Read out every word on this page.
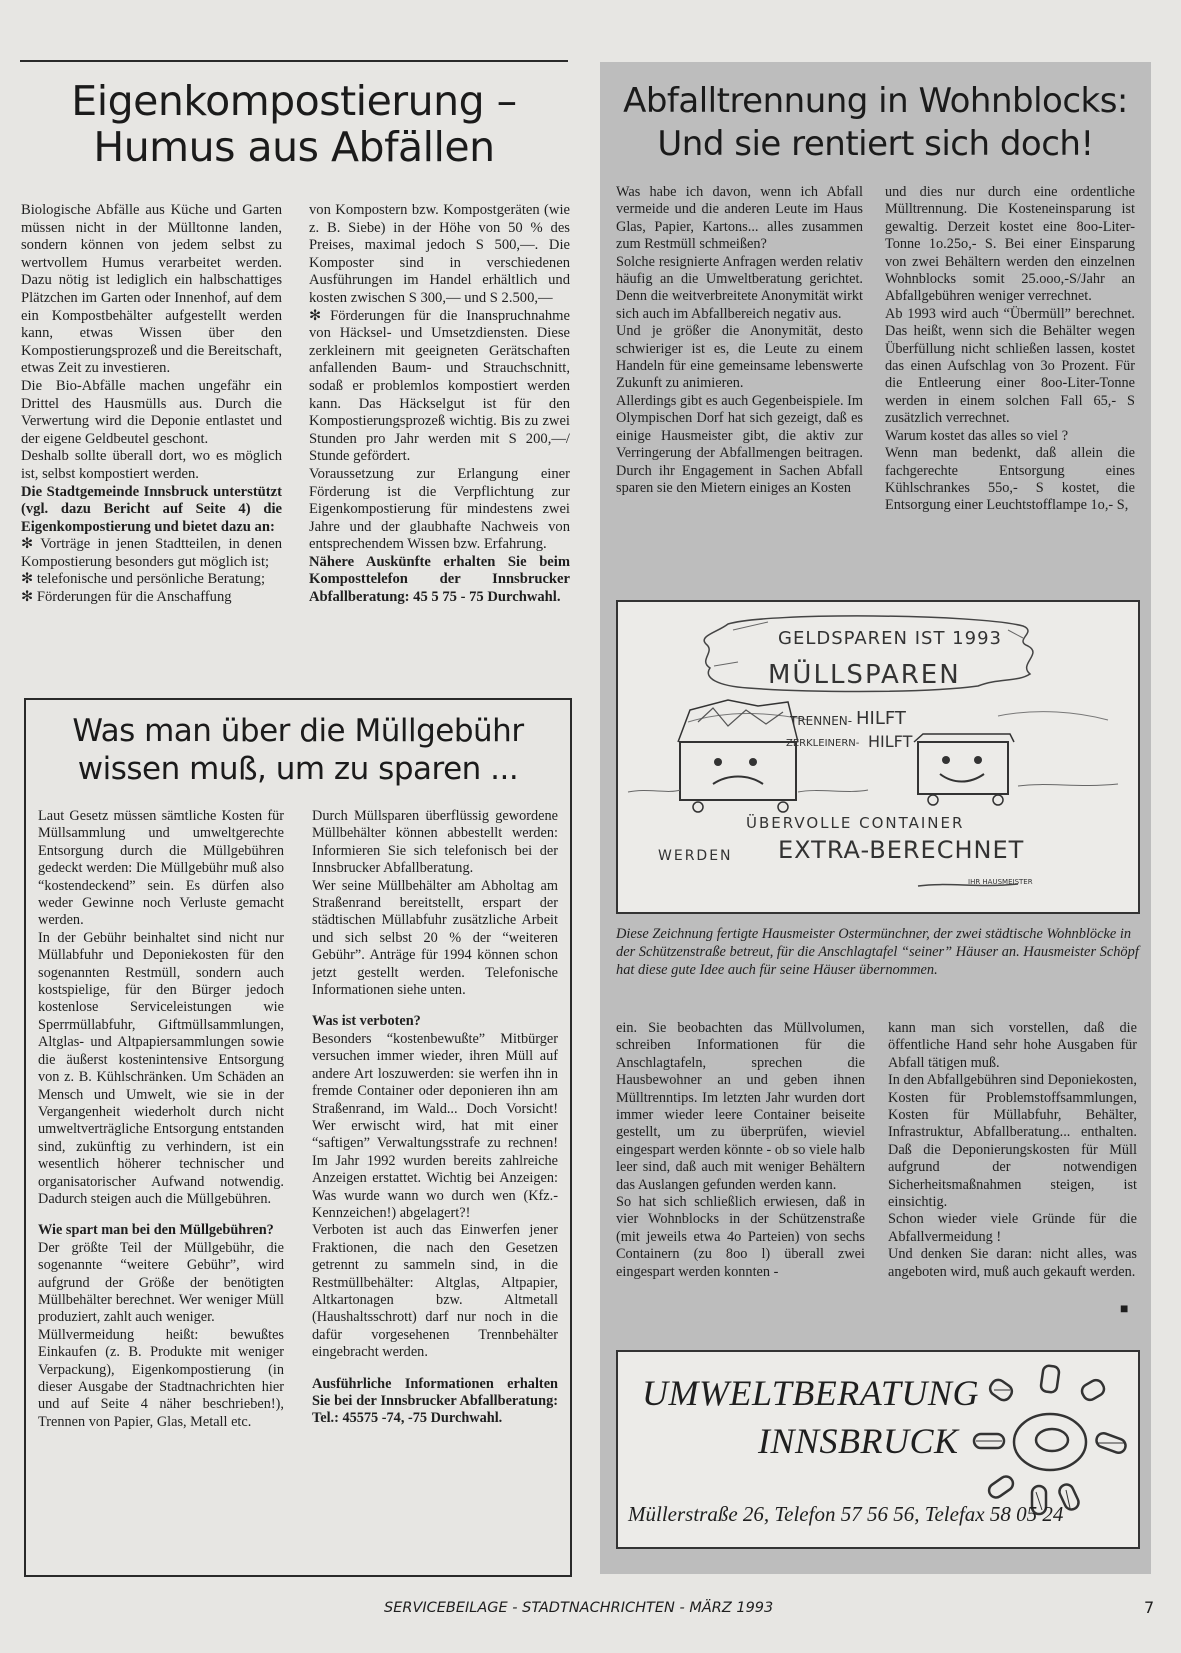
Eigenkompostierung –
Humus aus Abfällen

Biologische Abfälle aus Küche und Garten müssen nicht in der Mülltonne landen, sondern können von jedem selbst zu wertvollem Humus verarbeitet werden. Dazu nötig ist lediglich ein halbschattiges Plätzchen im Garten oder Innenhof, auf dem ein Kompostbehälter aufgestellt werden kann, etwas Wissen über den Kompostierungsprozeß und die Bereitschaft, etwas Zeit zu investieren.

Die Bio-Abfälle machen ungefähr ein Drittel des Hausmülls aus. Durch die Verwertung wird die Deponie entlastet und der eigene Geldbeutel geschont.

Deshalb sollte überall dort, wo es möglich ist, selbst kompostiert werden.

Die Stadtgemeinde Innsbruck unterstützt (vgl. dazu Bericht auf Seite 4) die Eigenkompostierung und bietet dazu an:

✻ Vorträge in jenen Stadtteilen, in denen Kompostierung besonders gut möglich ist;

✻ telefonische und persönliche Beratung;

✻ Förderungen für die Anschaffung

von Kompostern bzw. Kompostgeräten (wie z. B. Siebe) in der Höhe von 50 % des Preises, maximal jedoch S 500,—. Die Komposter sind in verschiedenen Ausführungen im Handel erhältlich und kosten zwischen S 300,— und S 2.500,—

✻ Förderungen für die Inanspruchnahme von Häcksel- und Umsetzdiensten. Diese zerkleinern mit geeigneten Gerätschaften anfallenden Baum- und Strauchschnitt, sodaß er problemlos kompostiert werden kann. Das Häckselgut ist für den Kompostierungsprozeß wichtig. Bis zu zwei Stunden pro Jahr werden mit S 200,—/ Stunde gefördert.

Voraussetzung zur Erlangung einer Förderung ist die Verpflichtung zur Eigenkompostierung für mindestens zwei Jahre und der glaubhafte Nachweis von entsprechendem Wissen bzw. Erfahrung.

Nähere Auskünfte erhalten Sie beim Komposttelefon der Innsbrucker Abfallberatung: 45 5 75 - 75 Durchwahl.

Was man über die Müllgebühr
wissen muß, um zu sparen ...

Laut Gesetz müssen sämtliche Kosten für Müllsammlung und umweltgerechte Entsorgung durch die Müllgebühren gedeckt werden: Die Müllgebühr muß also “kostendeckend” sein. Es dürfen also weder Gewinne noch Verluste gemacht werden.

In der Gebühr beinhaltet sind nicht nur Müllabfuhr und Deponiekosten für den sogenannten Restmüll, sondern auch kostspielige, für den Bürger jedoch kostenlose Serviceleistungen wie Sperrmüllabfuhr, Giftmüllsammlungen, Altglas- und Altpapiersammlungen sowie die äußerst kostenintensive Entsorgung von z. B. Kühlschränken. Um Schäden an Mensch und Umwelt, wie sie in der Vergangenheit wiederholt durch nicht umweltverträgliche Entsorgung entstanden sind, zukünftig zu verhindern, ist ein wesentlich höherer technischer und organisatorischer Aufwand notwendig. Dadurch steigen auch die Müllgebühren.

Wie spart man bei den Müllgebühren?

Der größte Teil der Müllgebühr, die sogenannte “weitere Gebühr”, wird aufgrund der Größe der benötigten Müllbehälter berechnet. Wer weniger Müll produziert, zahlt auch weniger.

Müllvermeidung heißt: bewußtes Einkaufen (z. B. Produkte mit weniger Verpackung), Eigenkompostierung (in dieser Ausgabe der Stadtnachrichten hier und auf Seite 4 näher beschrieben!), Trennen von Papier, Glas, Metall etc.

Durch Müllsparen überflüssig gewordene Müllbehälter können abbestellt werden: Informieren Sie sich telefonisch bei der Innsbrucker Abfallberatung.

Wer seine Müllbehälter am Abholtag am Straßenrand bereitstellt, erspart der städtischen Müllabfuhr zusätzliche Arbeit und sich selbst 20 % der “weiteren Gebühr”. Anträge für 1994 können schon jetzt gestellt werden. Telefonische Informationen siehe unten.

Was ist verboten?

Besonders “kostenbewußte” Mitbürger versuchen immer wieder, ihren Müll auf andere Art loszuwerden: sie werfen ihn in fremde Container oder deponieren ihn am Straßenrand, im Wald... Doch Vorsicht! Wer erwischt wird, hat mit einer “saftigen” Verwaltungsstrafe zu rechnen! Im Jahr 1992 wurden bereits zahlreiche Anzeigen erstattet. Wichtig bei Anzeigen: Was wurde wann wo durch wen (Kfz.-Kennzeichen!) abgelagert?!

Verboten ist auch das Einwerfen jener Fraktionen, die nach den Gesetzen getrennt zu sammeln sind, in die Restmüllbehälter: Altglas, Altpapier, Altkartonagen bzw. Altmetall (Haushaltsschrott) darf nur noch in die dafür vorgesehenen Trennbehälter eingebracht werden.

Ausführliche Informationen erhalten Sie bei der Innsbrucker Abfallberatung: Tel.: 45575 -74, -75 Durchwahl.

Abfalltrennung in Wohnblocks:
Und sie rentiert sich doch!

Was habe ich davon, wenn ich Abfall vermeide und die anderen Leute im Haus Glas, Papier, Kartons... alles zusammen zum Restmüll schmeißen?

Solche resignierte Anfragen werden relativ häufig an die Umweltberatung gerichtet. Denn die weitverbreitete Anonymität wirkt sich auch im Abfallbereich negativ aus.

Und je größer die Anonymität, desto schwieriger ist es, die Leute zu einem Handeln für eine gemeinsame lebenswerte Zukunft zu animieren.

Allerdings gibt es auch Gegenbeispiele. Im Olympischen Dorf hat sich gezeigt, daß es einige Hausmeister gibt, die aktiv zur Verringerung der Abfallmengen beitragen. Durch ihr Engagement in Sachen Abfall sparen sie den Mietern einiges an Kosten

und dies nur durch eine ordentliche Mülltrennung. Die Kosteneinsparung ist gewaltig. Derzeit kostet eine 8oo-Liter-Tonne 1o.25o,- S. Bei einer Einsparung von zwei Behältern werden den einzelnen Wohnblocks somit 25.ooo,-S/Jahr an Abfallgebühren weniger verrechnet.

Ab 1993 wird auch “Übermüll” berechnet. Das heißt, wenn sich die Behälter wegen Überfüllung nicht schließen lassen, kostet das einen Aufschlag von 3o Prozent. Für die Entleerung einer 8oo-Liter-Tonne werden in einem solchen Fall 65,- S zusätzlich verrechnet.

Warum kostet das alles so viel ?

Wenn man bedenkt, daß allein die fachgerechte Entsorgung eines Kühlschrankes 55o,- S kostet, die Entsorgung einer Leuchtstofflampe 1o,- S,

GELDSPAREN IST 1993
MÜLLSPAREN
TRENNEN- HILFT
ZERKLEINERN- HILFT
ÜBERVOLLE CONTAINER
WERDEN EXTRA-BERECHNET
IHR HAUSMEISTER
Diese Zeichnung fertigte Hausmeister Ostermünchner, der zwei städtische Wohnblöcke in der Schützenstraße betreut, für die Anschlagtafel “seiner” Häuser an. Hausmeister Schöpf hat diese gute Idee auch für seine Häuser übernommen.

ein. Sie beobachten das Müllvolumen, schreiben Informationen für die Anschlagtafeln, sprechen die Hausbewohner an und geben ihnen Mülltrenntips. Im letzten Jahr wurden dort immer wieder leere Container beiseite gestellt, um zu überprüfen, wieviel eingespart werden könnte - ob so viele halb leer sind, daß auch mit weniger Behältern das Auslangen gefunden werden kann.

So hat sich schließlich erwiesen, daß in vier Wohnblocks in der Schützenstraße (mit jeweils etwa 4o Parteien) von sechs Containern (zu 8oo l) überall zwei eingespart werden konnten -

kann man sich vorstellen, daß die öffentliche Hand sehr hohe Ausgaben für Abfall tätigen muß.

In den Abfallgebühren sind Deponiekosten, Kosten für Problemstoffsammlungen, Kosten für Müllabfuhr, Behälter, Infrastruktur, Abfallberatung... enthalten. Daß die Deponierungskosten für Müll aufgrund der notwendigen Sicherheitsmaßnahmen steigen, ist einsichtig.

Schon wieder viele Gründe für die Abfallvermeidung !

Und denken Sie daran: nicht alles, was angeboten wird, muß auch gekauft werden.

■
UMWELTBERATUNG
INNSBRUCK
Müllerstraße 26, Telefon 57 56 56, Telefax 58 05 24
SERVICEBEILAGE - STADTNACHRICHTEN - MÄRZ 1993	7
